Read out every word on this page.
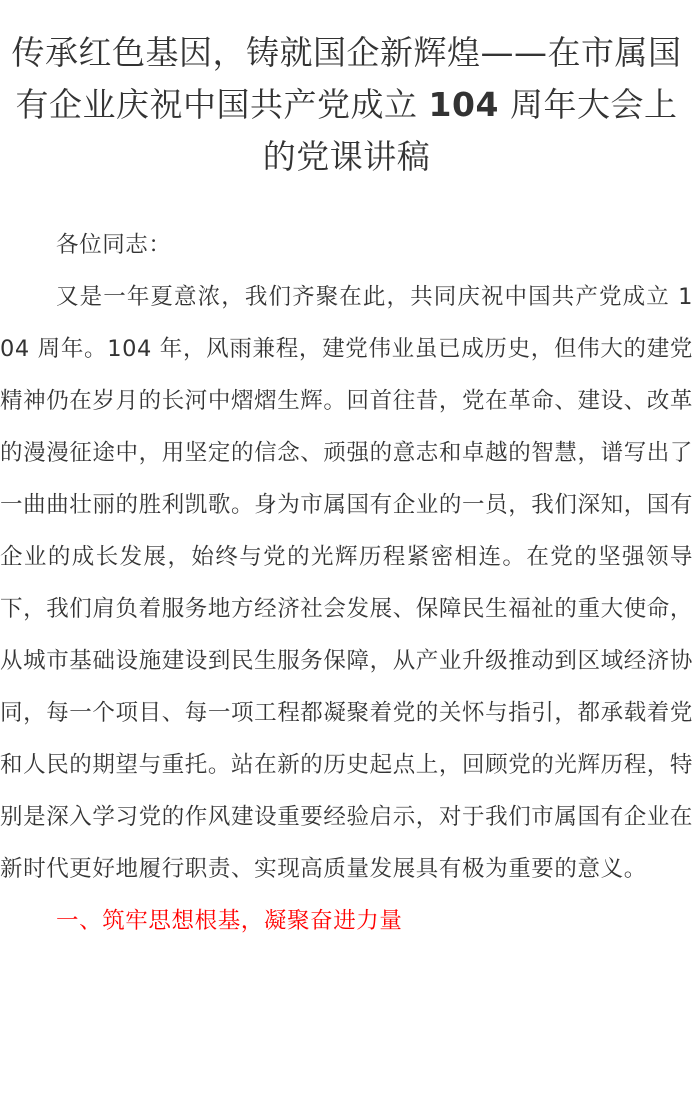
传承红色基因，铸就国企新辉煌——在市属国有企业庆祝中国共产党成立 104 周年大会上的党课讲稿

各位同志：

又是一年夏意浓，我们齐聚在此，共同庆祝中国共产党成立 104 周年。104 年，风雨兼程，建党伟业虽已成历史，但伟大的建党精神仍在岁月的长河中熠熠生辉。回首往昔，党在革命、建设、改革的漫漫征途中，用坚定的信念、顽强的意志和卓越的智慧，谱写出了一曲曲壮丽的胜利凯歌。身为市属国有企业的一员，我们深知，国有企业的成长发展，始终与党的光辉历程紧密相连。在党的坚强领导下，我们肩负着服务地方经济社会发展、保障民生福祉的重大使命，从城市基础设施建设到民生服务保障，从产业升级推动到区域经济协同，每一个项目、每一项工程都凝聚着党的关怀与指引，都承载着党和人民的期望与重托。站在新的历史起点上，回顾党的光辉历程，特别是深入学习党的作风建设重要经验启示，对于我们市属国有企业在新时代更好地履行职责、实现高质量发展具有极为重要的意义。

一、筑牢思想根基，凝聚奋进力量
